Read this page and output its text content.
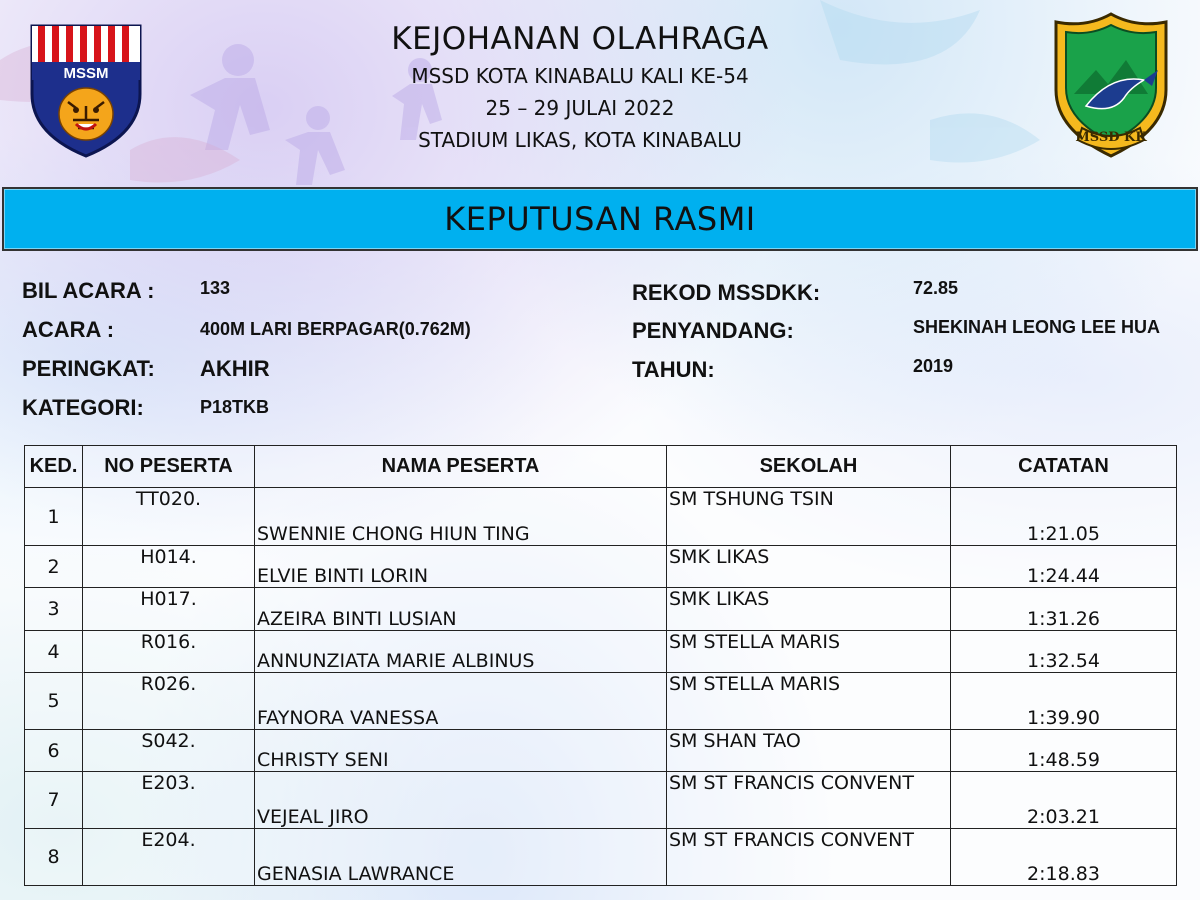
MSSM
MSSD KK
KEJOHANAN OLAHRAGA
MSSD KOTA KINABALU KALI KE-54
25 – 29 JULAI 2022
STADIUM LIKAS, KOTA KINABALU
KEPUTUSAN RASMI
BIL ACARA :	133
ACARA :	400M LARI BERPAGAR(0.762M)
PERINGKAT: AKHIR
KATEGORI:	P18TKB
REKOD MSSDKK:	72.85
PENYANDANG:	SHEKINAH LEONG LEE HUA
TAHUN:	2019
KED.	NO PESERTA	NAMA PESERTA	SEKOLAH	CATATAN
1	TT020.	SWENNIE CHONG HIUN TING	SM TSHUNG TSIN	1:21.05
2	H014.	ELVIE BINTI LORIN	SMK LIKAS	1:24.44
3	H017.	AZEIRA BINTI LUSIAN	SMK LIKAS	1:31.26
4	R016.	ANNUNZIATA MARIE ALBINUS	SM STELLA MARIS	1:32.54
5	R026.	FAYNORA VANESSA	SM STELLA MARIS	1:39.90
6	S042.	CHRISTY SENI	SM SHAN TAO	1:48.59
7	E203.	VEJEAL JIRO	SM ST FRANCIS CONVENT	2:03.21
8	E204.	GENASIA LAWRANCE	SM ST FRANCIS CONVENT	2:18.83
